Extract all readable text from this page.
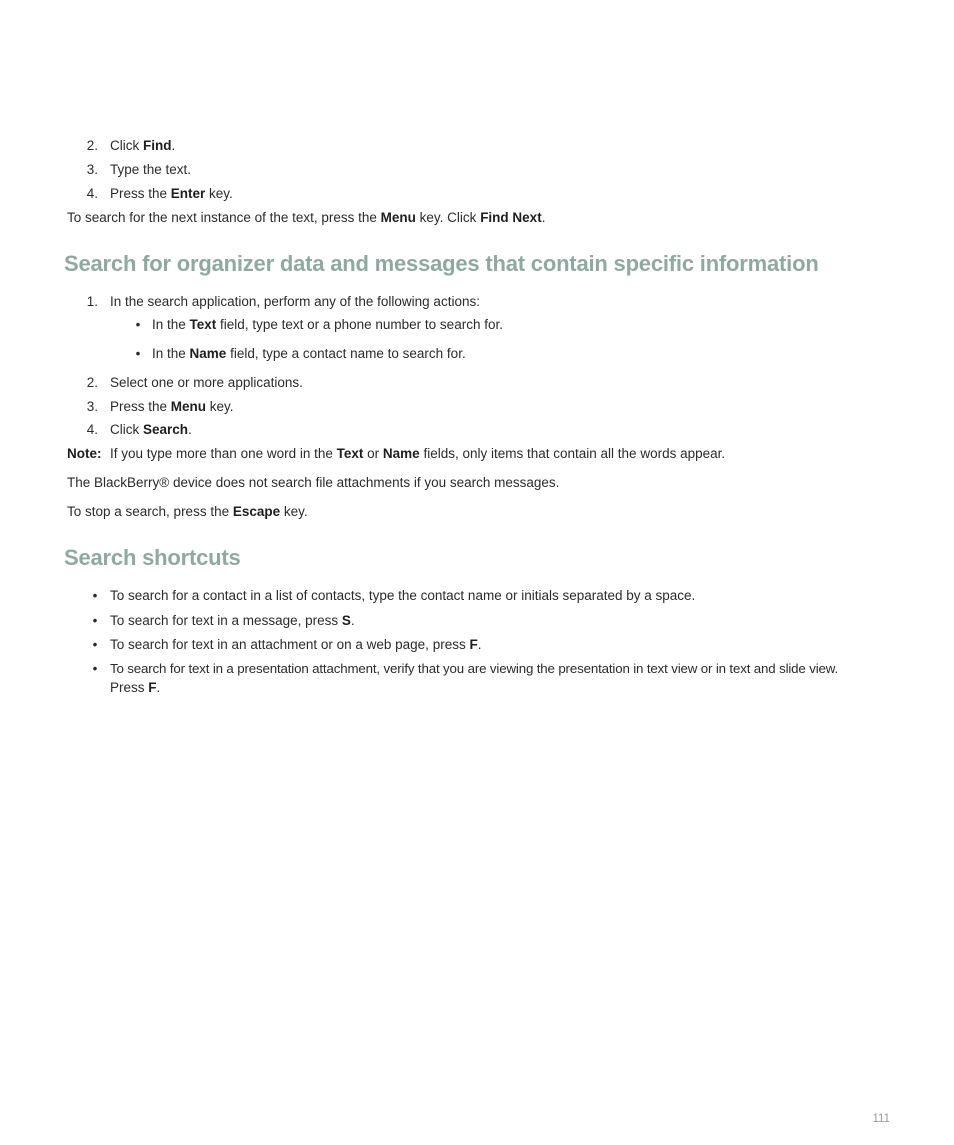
2. Click Find.
3. Type the text.
4. Press the Enter key.
To search for the next instance of the text, press the Menu key. Click Find Next.
Search for organizer data and messages that contain specific information
1. In the search application, perform any of the following actions:
• In the Text field, type text or a phone number to search for.
• In the Name field, type a contact name to search for.
2. Select one or more applications.
3. Press the Menu key.
4. Click Search.
Note: If you type more than one word in the Text or Name fields, only items that contain all the words appear.
The BlackBerry® device does not search file attachments if you search messages.
To stop a search, press the Escape key.
Search shortcuts
• To search for a contact in a list of contacts, type the contact name or initials separated by a space.
• To search for text in a message, press S.
• To search for text in an attachment or on a web page, press F.
• To search for text in a presentation attachment, verify that you are viewing the presentation in text view or in text and slide view.
Press F.
111
